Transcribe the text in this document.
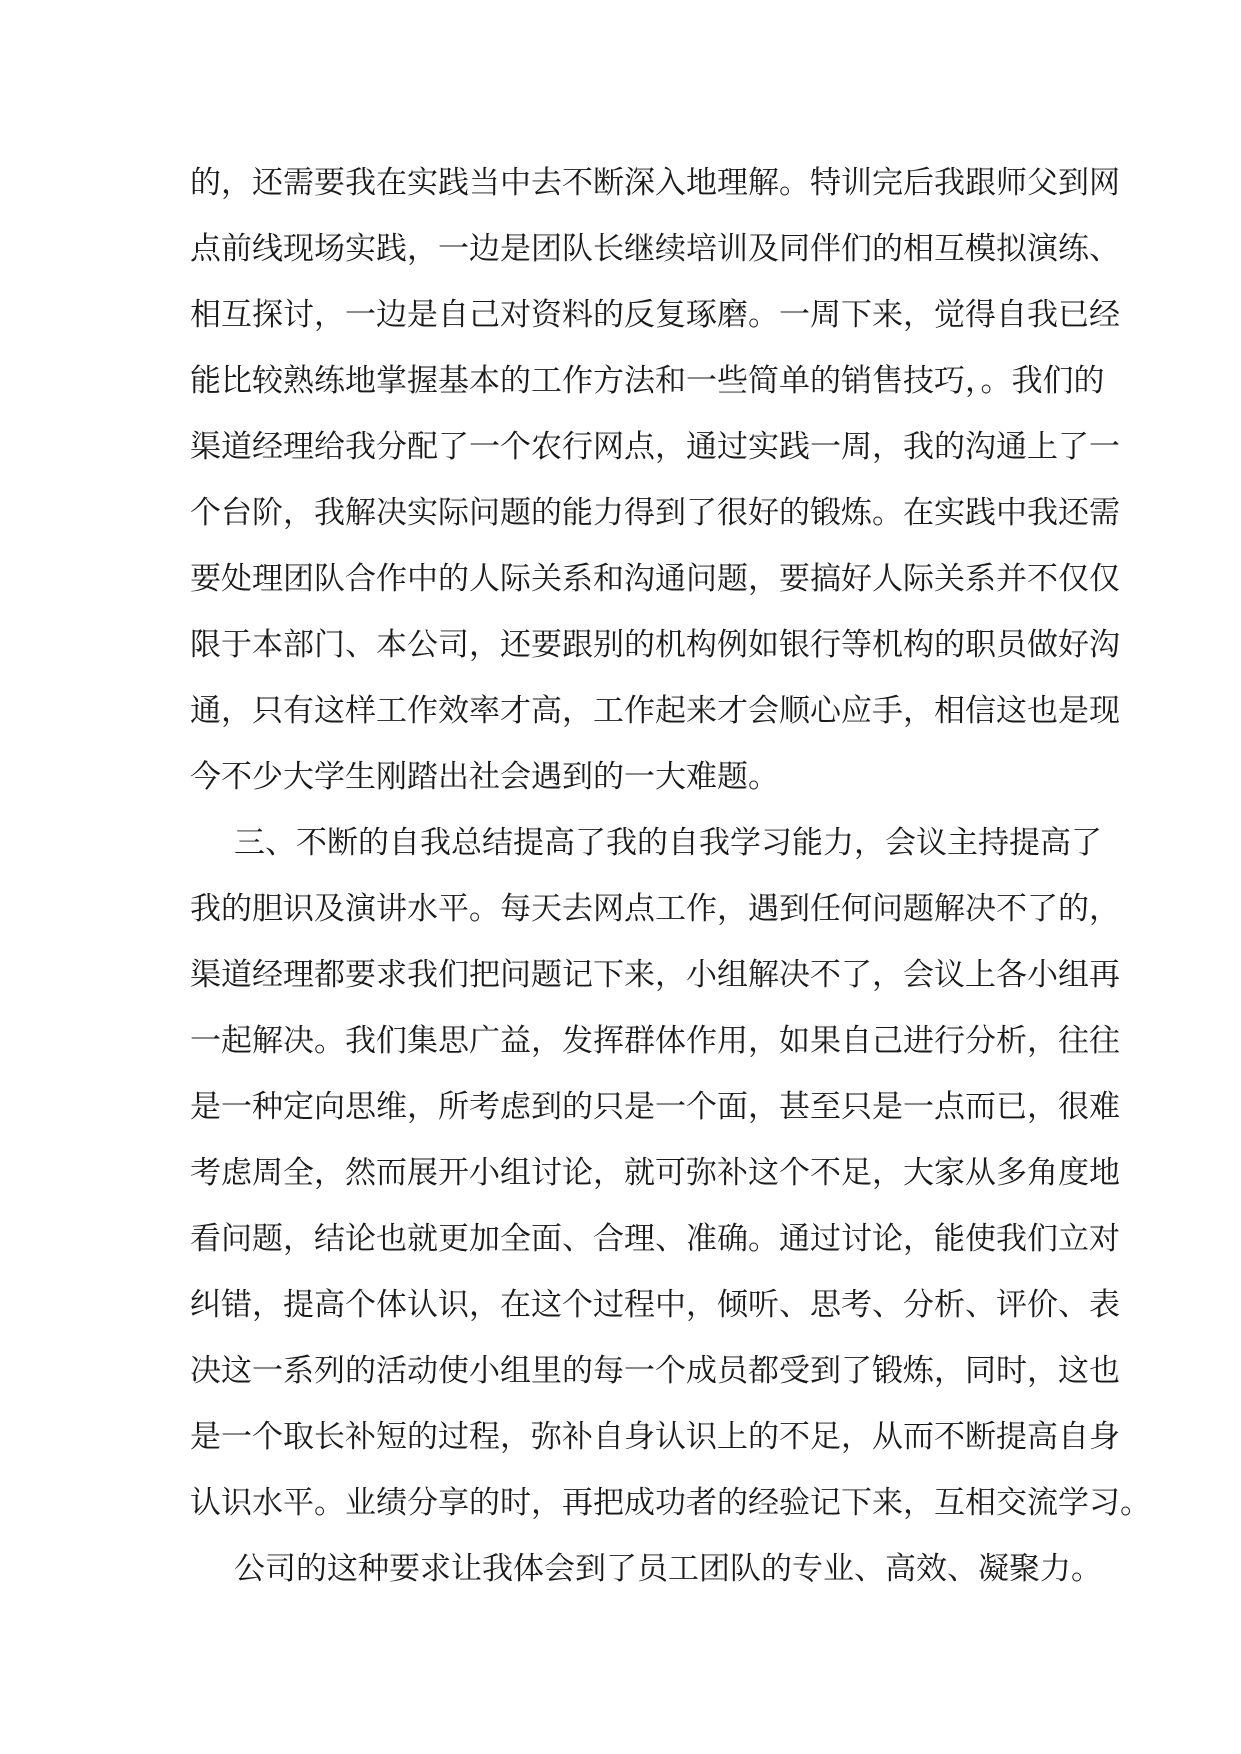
的，还需要我在实践当中去不断深入地理解。特训完后我跟师父到网
点前线现场实践，一边是团队长继续培训及同伴们的相互模拟演练、
相互探讨，一边是自己对资料的反复琢磨。一周下来，觉得自我已经
能比较熟练地掌握基本的工作方法和一些简单的销售技巧，。我们的
渠道经理给我分配了一个农行网点，通过实践一周，我的沟通上了一
个台阶，我解决实际问题的能力得到了很好的锻炼。在实践中我还需
要处理团队合作中的人际关系和沟通问题，要搞好人际关系并不仅仅
限于本部门、本公司，还要跟别的机构例如银行等机构的职员做好沟
通，只有这样工作效率才高，工作起来才会顺心应手，相信这也是现
今不少大学生刚踏出社会遇到的一大难题。
三、不断的自我总结提高了我的自我学习能力，会议主持提高了
我的胆识及演讲水平。每天去网点工作，遇到任何问题解决不了的，
渠道经理都要求我们把问题记下来，小组解决不了，会议上各小组再
一起解决。我们集思广益，发挥群体作用，如果自己进行分析，往往
是一种定向思维，所考虑到的只是一个面，甚至只是一点而已，很难
考虑周全，然而展开小组讨论，就可弥补这个不足，大家从多角度地
看问题，结论也就更加全面、合理、准确。通过讨论，能使我们立对
纠错，提高个体认识，在这个过程中，倾听、思考、分析、评价、表
决这一系列的活动使小组里的每一个成员都受到了锻炼，同时，这也
是一个取长补短的过程，弥补自身认识上的不足，从而不断提高自身
认识水平。业绩分享的时，再把成功者的经验记下来，互相交流学习。
公司的这种要求让我体会到了员工团队的专业、高效、凝聚力。
